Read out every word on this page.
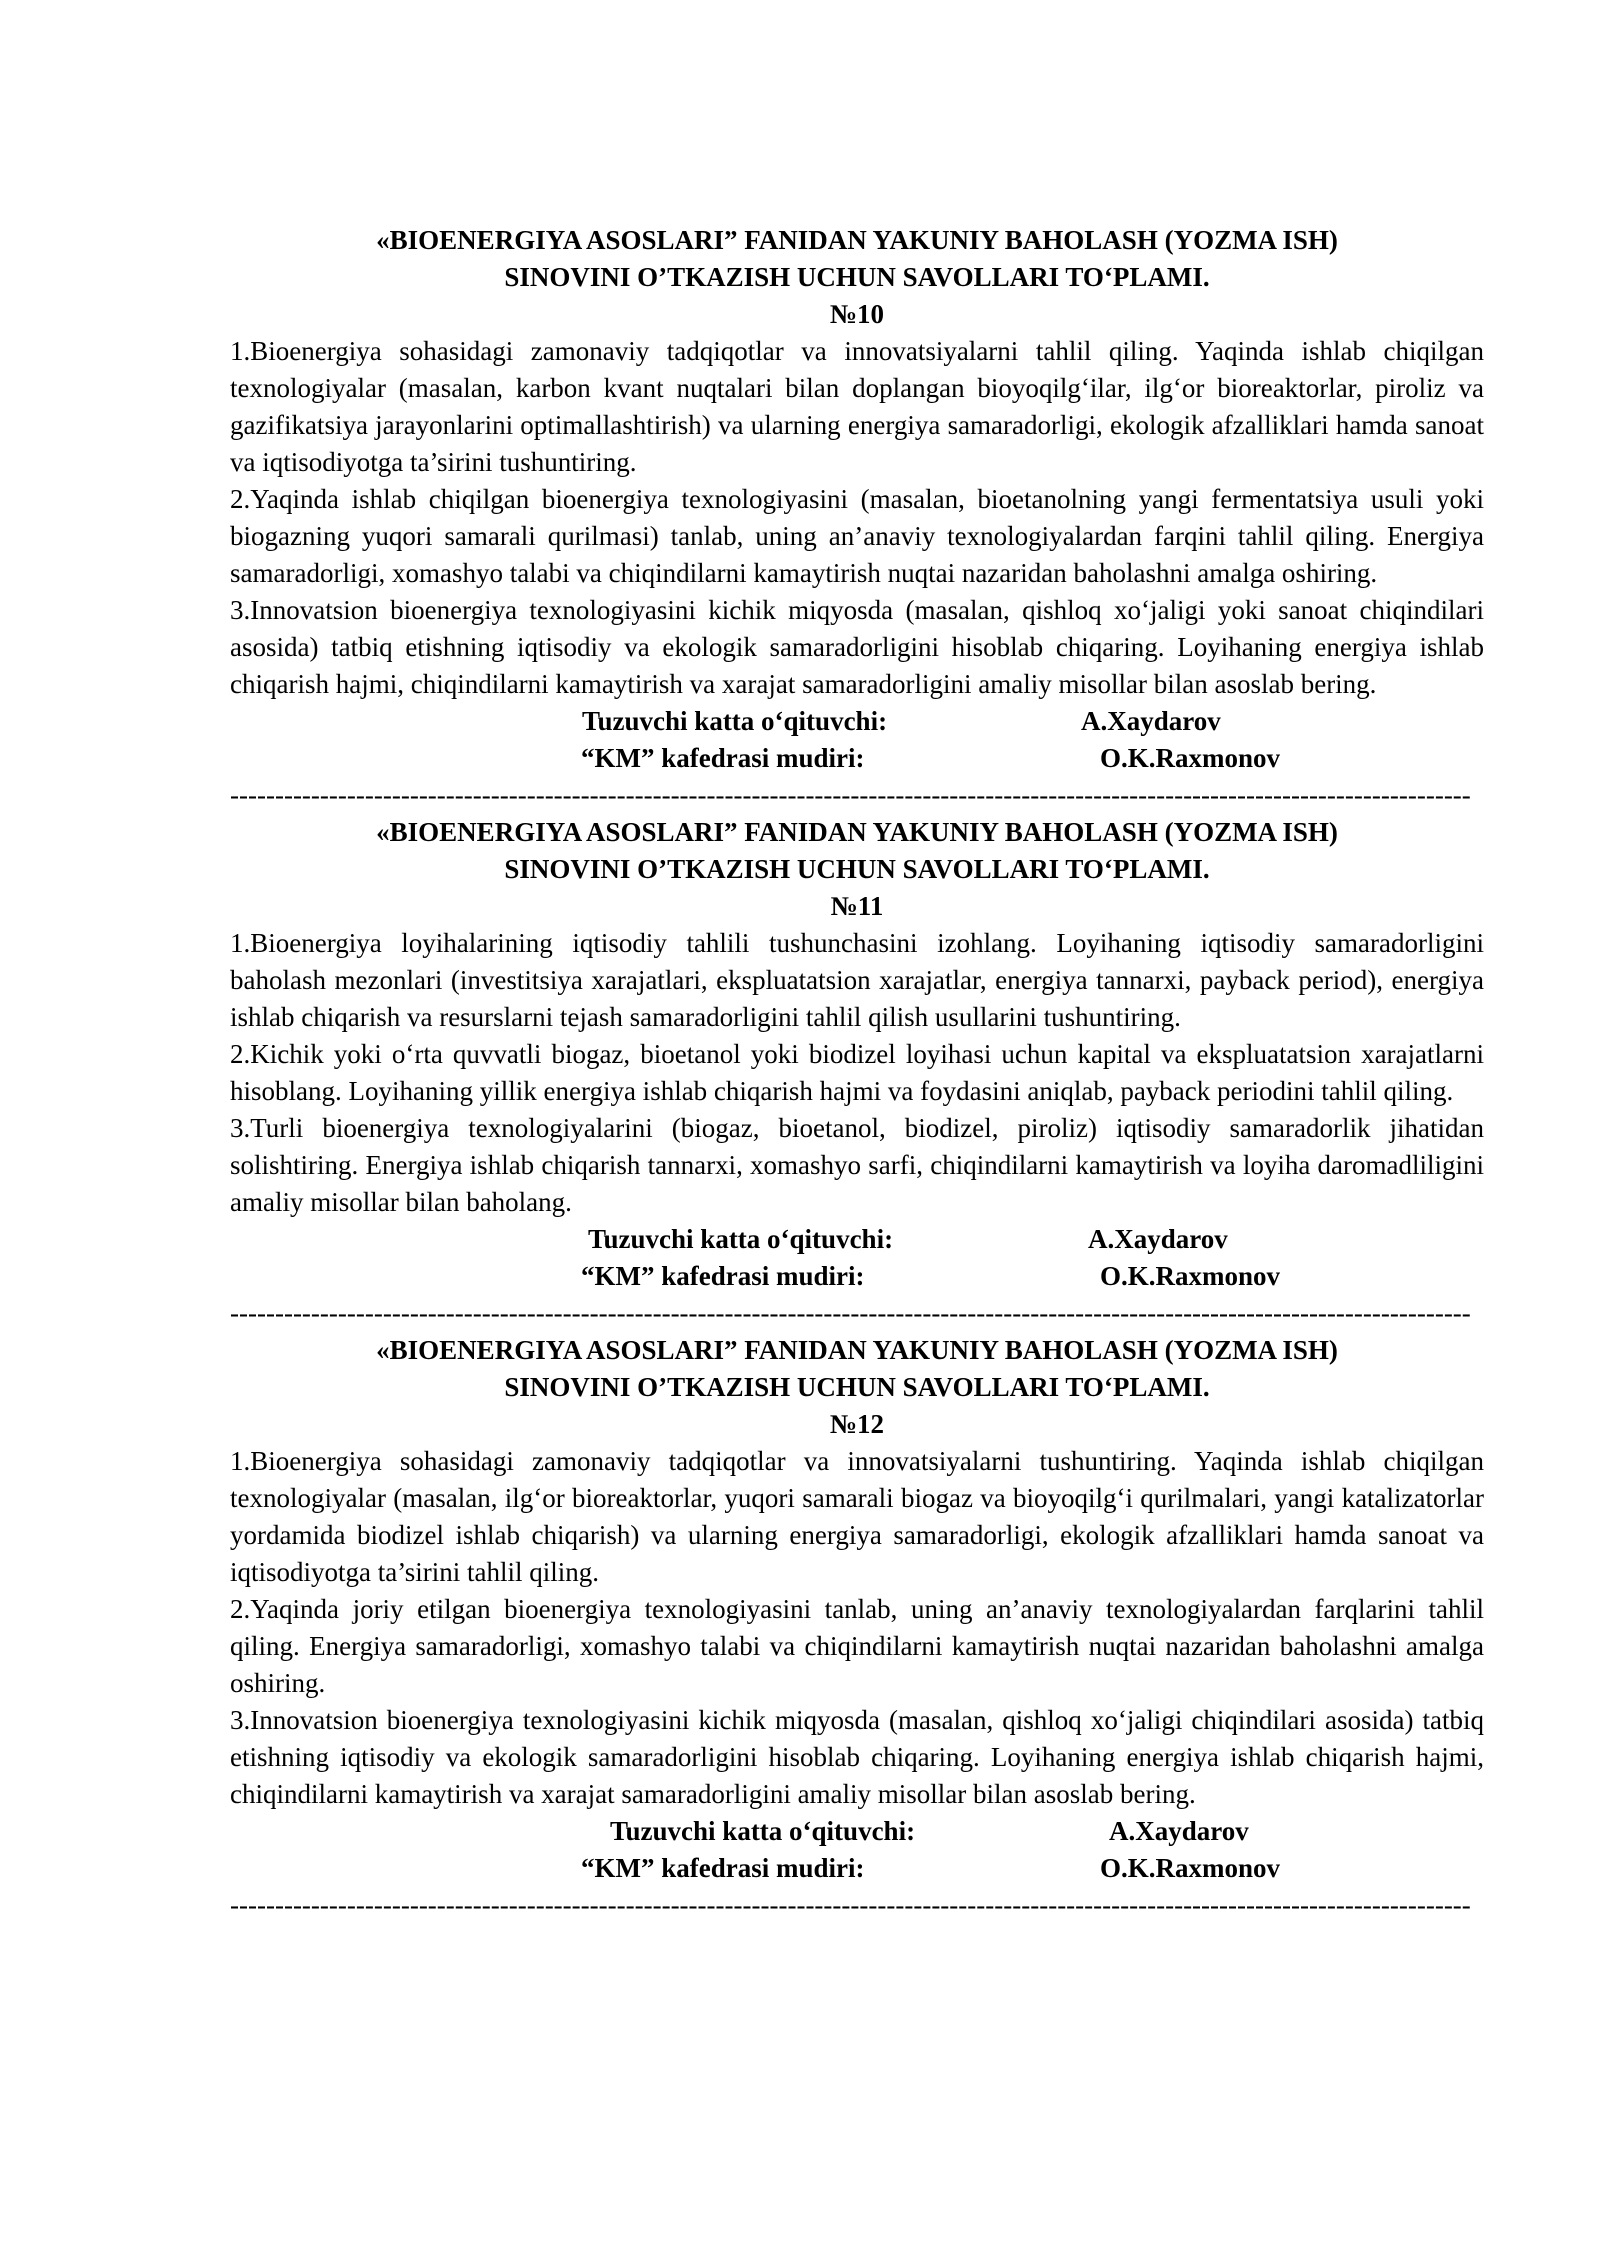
«BIOENERGIYA ASOSLARI” FANIDAN YAKUNIY BAHOLASH (YOZMA ISH)

SINOVINI O’TKAZISH UCHUN SAVOLLARI TO‘PLAMI.

№10

1.Bioenergiya sohasidagi zamonaviy tadqiqotlar va innovatsiyalarni tahlil qiling. Yaqinda ishlab chiqilgan texnologiyalar (masalan, karbon kvant nuqtalari bilan doplangan bioyoqilg‘ilar, ilg‘or bioreaktorlar, piroliz va gazifikatsiya jarayonlarini optimallashtirish) va ularning energiya samaradorligi, ekologik afzalliklari hamda sanoat va iqtisodiyotga ta’sirini tushuntiring.

2.Yaqinda ishlab chiqilgan bioenergiya texnologiyasini (masalan, bioetanolning yangi fermentatsiya usuli yoki biogazning yuqori samarali qurilmasi) tanlab, uning an’anaviy texnologiyalardan farqini tahlil qiling. Energiya samaradorligi, xomashyo talabi va chiqindilarni kamaytirish nuqtai nazaridan baholashni amalga oshiring.

3.Innovatsion bioenergiya texnologiyasini kichik miqyosda (masalan, qishloq xo‘jaligi yoki sanoat chiqindilari asosida) tatbiq etishning iqtisodiy va ekologik samaradorligini hisoblab chiqaring. Loyihaning energiya ishlab chiqarish hajmi, chiqindilarni kamaytirish va xarajat samaradorligini amaliy misollar bilan asoslab bering.

Tuzuvchi katta o‘qituvchi:	A.Xaydarov
“KM” kafedrasi mudiri:	O.K.Raxmonov
------------------------------------------------------------------------------------------------------------------------------------------

«BIOENERGIYA ASOSLARI” FANIDAN YAKUNIY BAHOLASH (YOZMA ISH)

SINOVINI O’TKAZISH UCHUN SAVOLLARI TO‘PLAMI.

№11

1.Bioenergiya loyihalarining iqtisodiy tahlili tushunchasini izohlang. Loyihaning iqtisodiy samaradorligini baholash mezonlari (investitsiya xarajatlari, ekspluatatsion xarajatlar, energiya tannarxi, payback period), energiya ishlab chiqarish va resurslarni tejash samaradorligini tahlil qilish usullarini tushuntiring.

2.Kichik yoki o‘rta quvvatli biogaz, bioetanol yoki biodizel loyihasi uchun kapital va ekspluatatsion xarajatlarni hisoblang. Loyihaning yillik energiya ishlab chiqarish hajmi va foydasini aniqlab, payback periodini tahlil qiling.

3.Turli bioenergiya texnologiyalarini (biogaz, bioetanol, biodizel, piroliz) iqtisodiy samaradorlik jihatidan solishtiring. Energiya ishlab chiqarish tannarxi, xomashyo sarfi, chiqindilarni kamaytirish va loyiha daromadliligini amaliy misollar bilan baholang.

Tuzuvchi katta o‘qituvchi:	A.Xaydarov
“KM” kafedrasi mudiri:	O.K.Raxmonov
------------------------------------------------------------------------------------------------------------------------------------------

«BIOENERGIYA ASOSLARI” FANIDAN YAKUNIY BAHOLASH (YOZMA ISH)

SINOVINI O’TKAZISH UCHUN SAVOLLARI TO‘PLAMI.

№12

1.Bioenergiya sohasidagi zamonaviy tadqiqotlar va innovatsiyalarni tushuntiring. Yaqinda ishlab chiqilgan texnologiyalar (masalan, ilg‘or bioreaktorlar, yuqori samarali biogaz va bioyoqilg‘i qurilmalari, yangi katalizatorlar yordamida biodizel ishlab chiqarish) va ularning energiya samaradorligi, ekologik afzalliklari hamda sanoat va iqtisodiyotga ta’sirini tahlil qiling.

2.Yaqinda joriy etilgan bioenergiya texnologiyasini tanlab, uning an’anaviy texnologiyalardan farqlarini tahlil qiling. Energiya samaradorligi, xomashyo talabi va chiqindilarni kamaytirish nuqtai nazaridan baholashni amalga oshiring.

3.Innovatsion bioenergiya texnologiyasini kichik miqyosda (masalan, qishloq xo‘jaligi chiqindilari asosida) tatbiq etishning iqtisodiy va ekologik samaradorligini hisoblab chiqaring. Loyihaning energiya ishlab chiqarish hajmi, chiqindilarni kamaytirish va xarajat samaradorligini amaliy misollar bilan asoslab bering.

Tuzuvchi katta o‘qituvchi:	A.Xaydarov
“KM” kafedrasi mudiri:	O.K.Raxmonov
------------------------------------------------------------------------------------------------------------------------------------------
